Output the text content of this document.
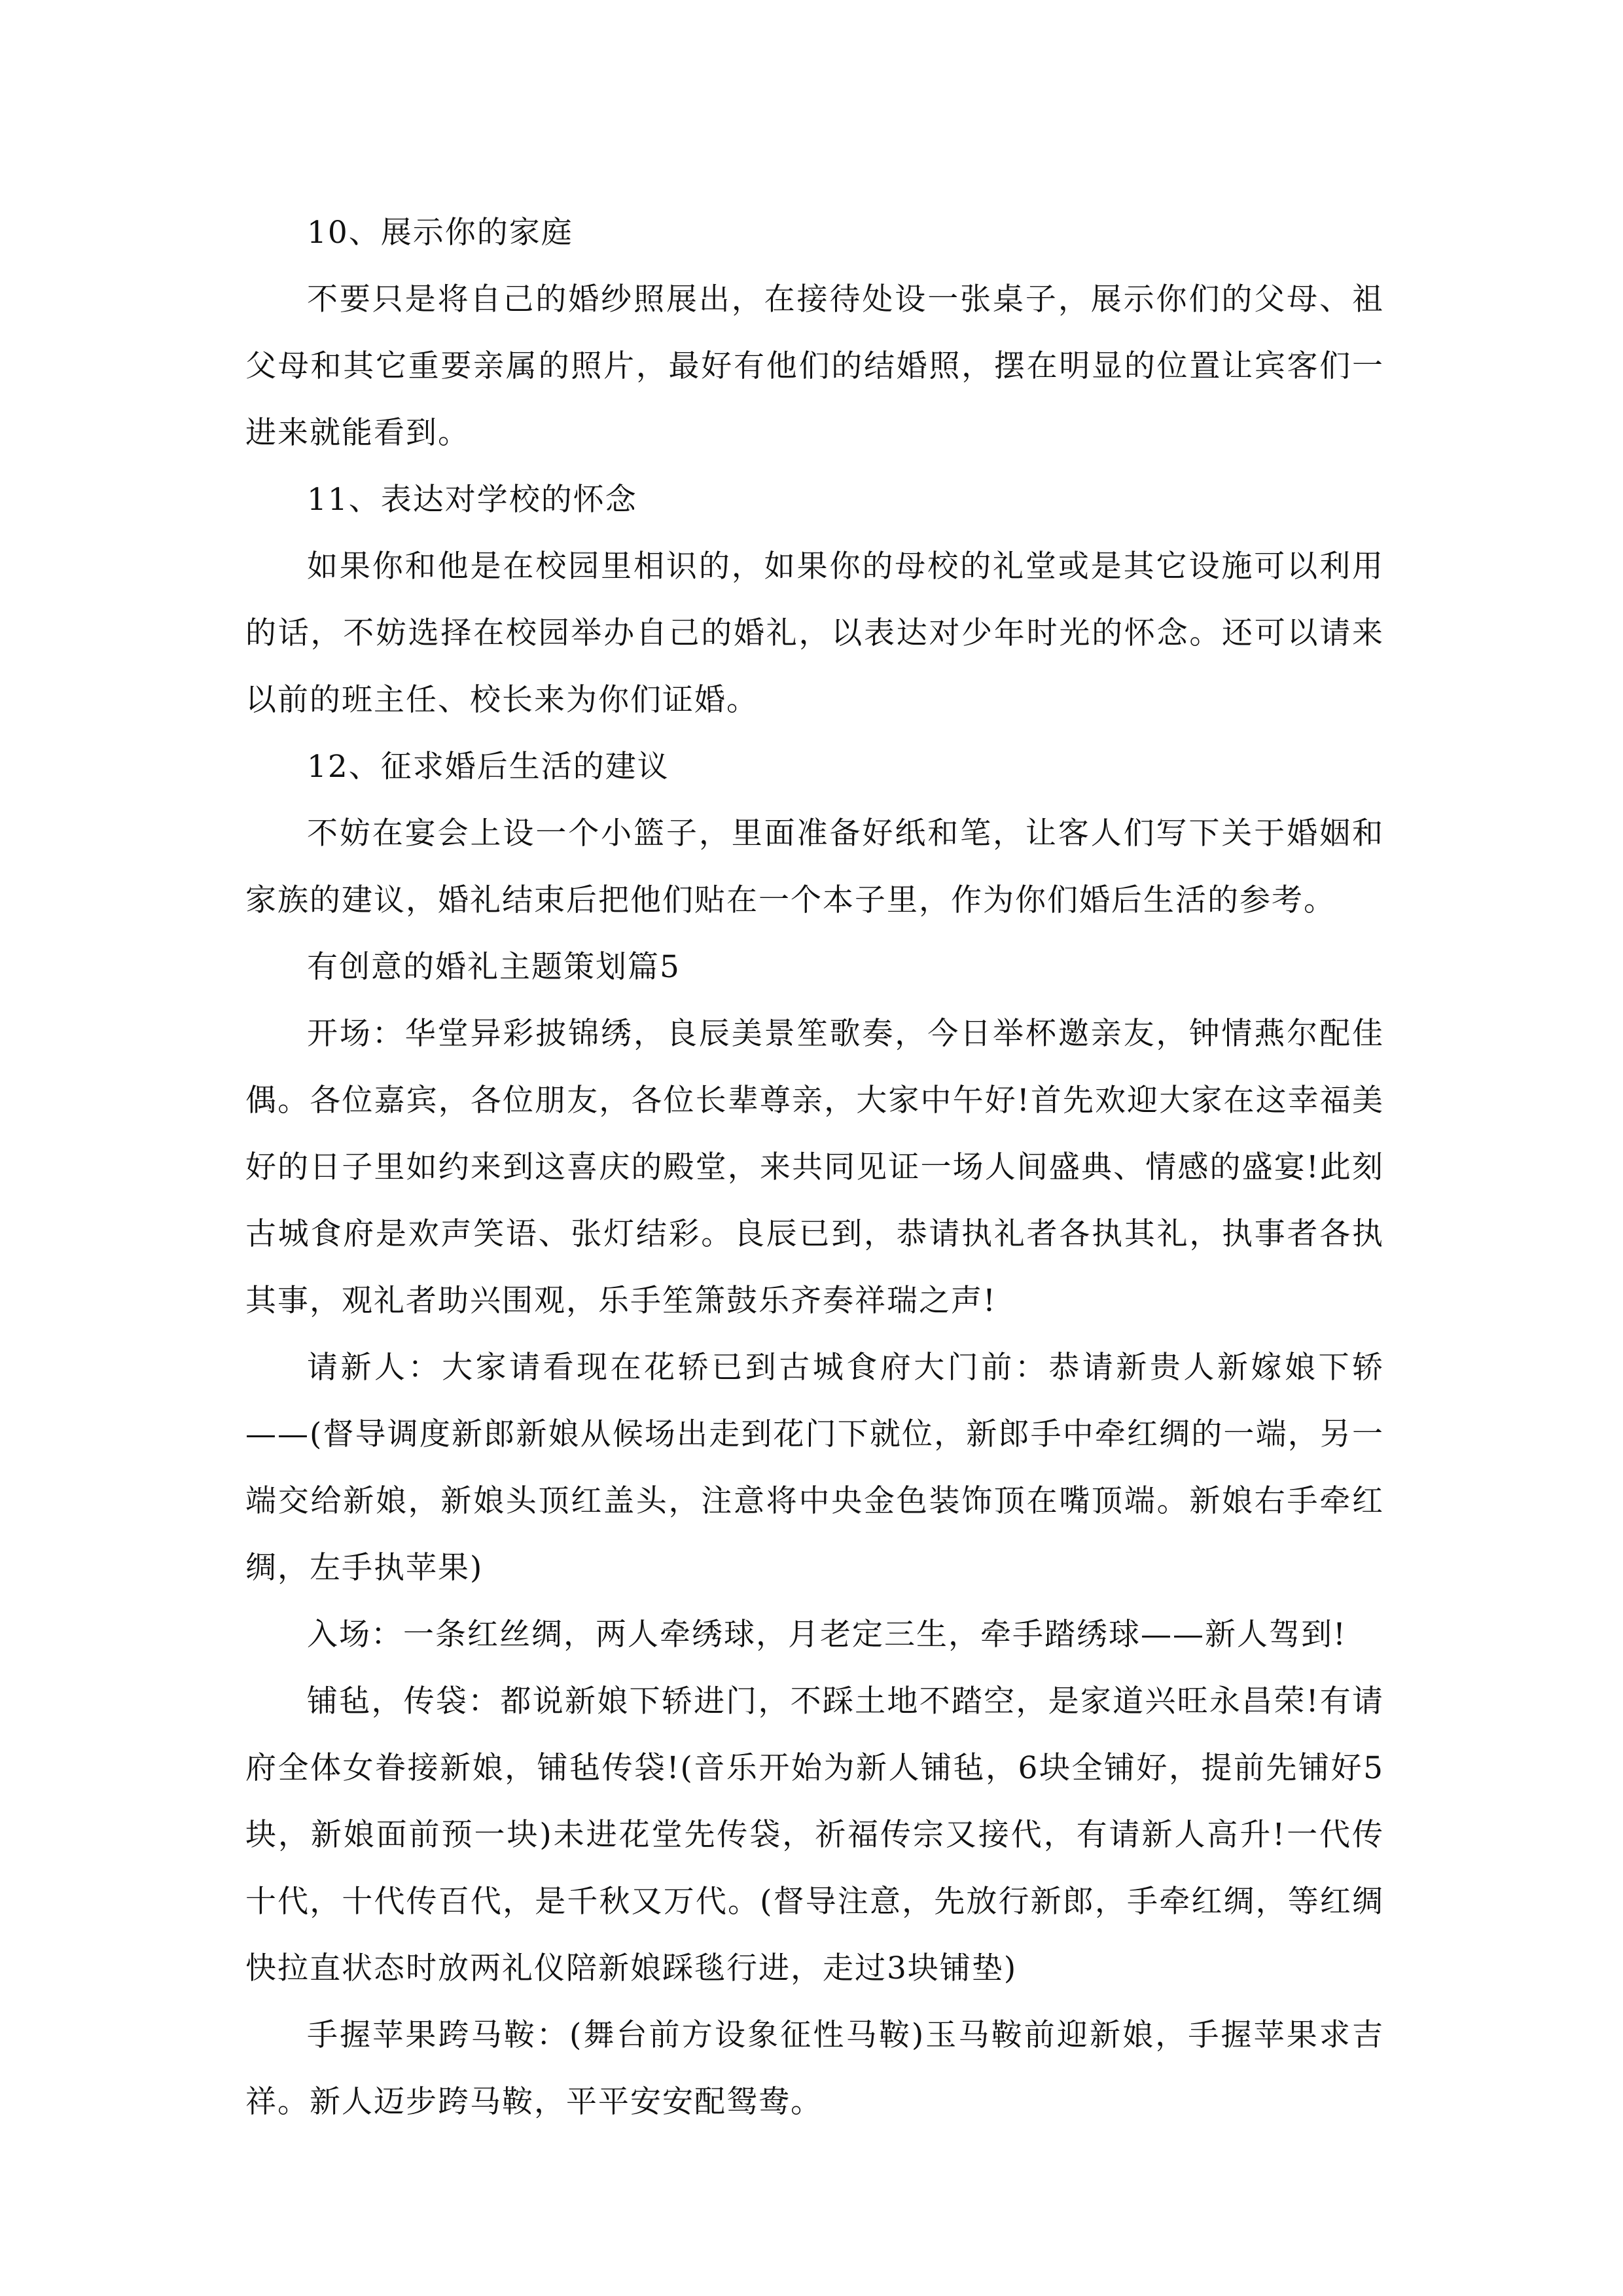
10、展示你的家庭

不要只是将自己的婚纱照展出，在接待处设一张桌子，展示你们的父母、祖父母和其它重要亲属的照片，最好有他们的结婚照，摆在明显的位置让宾客们一进来就能看到。

11、表达对学校的怀念

如果你和他是在校园里相识的，如果你的母校的礼堂或是其它设施可以利用的话，不妨选择在校园举办自己的婚礼，以表达对少年时光的怀念。还可以请来以前的班主任、校长来为你们证婚。

12、征求婚后生活的建议

不妨在宴会上设一个小篮子，里面准备好纸和笔，让客人们写下关于婚姻和家族的建议，婚礼结束后把他们贴在一个本子里，作为你们婚后生活的参考。

有创意的婚礼主题策划篇5

开场：华堂异彩披锦绣，良辰美景笙歌奏，今日举杯邀亲友，钟情燕尔配佳偶。各位嘉宾，各位朋友，各位长辈尊亲，大家中午好!首先欢迎大家在这幸福美好的日子里如约来到这喜庆的殿堂，来共同见证一场人间盛典、情感的盛宴!此刻古城食府是欢声笑语、张灯结彩。良辰已到，恭请执礼者各执其礼，执事者各执其事，观礼者助兴围观，乐手笙箫鼓乐齐奏祥瑞之声!

请新人：大家请看现在花轿已到古城食府大门前：恭请新贵人新嫁娘下轿——(督导调度新郎新娘从候场出走到花门下就位，新郎手中牵红绸的一端，另一端交给新娘，新娘头顶红盖头，注意将中央金色装饰顶在嘴顶端。新娘右手牵红绸，左手执苹果)

入场：一条红丝绸，两人牵绣球，月老定三生，牵手踏绣球——新人驾到!

铺毡，传袋：都说新娘下轿进门，不踩土地不踏空，是家道兴旺永昌荣!有请府全体女眷接新娘，铺毡传袋!(音乐开始为新人铺毡，6块全铺好，提前先铺好5块，新娘面前预一块)未进花堂先传袋，祈福传宗又接代，有请新人高升!一代传十代，十代传百代，是千秋又万代。(督导注意，先放行新郎，手牵红绸，等红绸快拉直状态时放两礼仪陪新娘踩毯行进，走过3块铺垫)

手握苹果跨马鞍：(舞台前方设象征性马鞍)玉马鞍前迎新娘，手握苹果求吉祥。新人迈步跨马鞍，平平安安配鸳鸯。
